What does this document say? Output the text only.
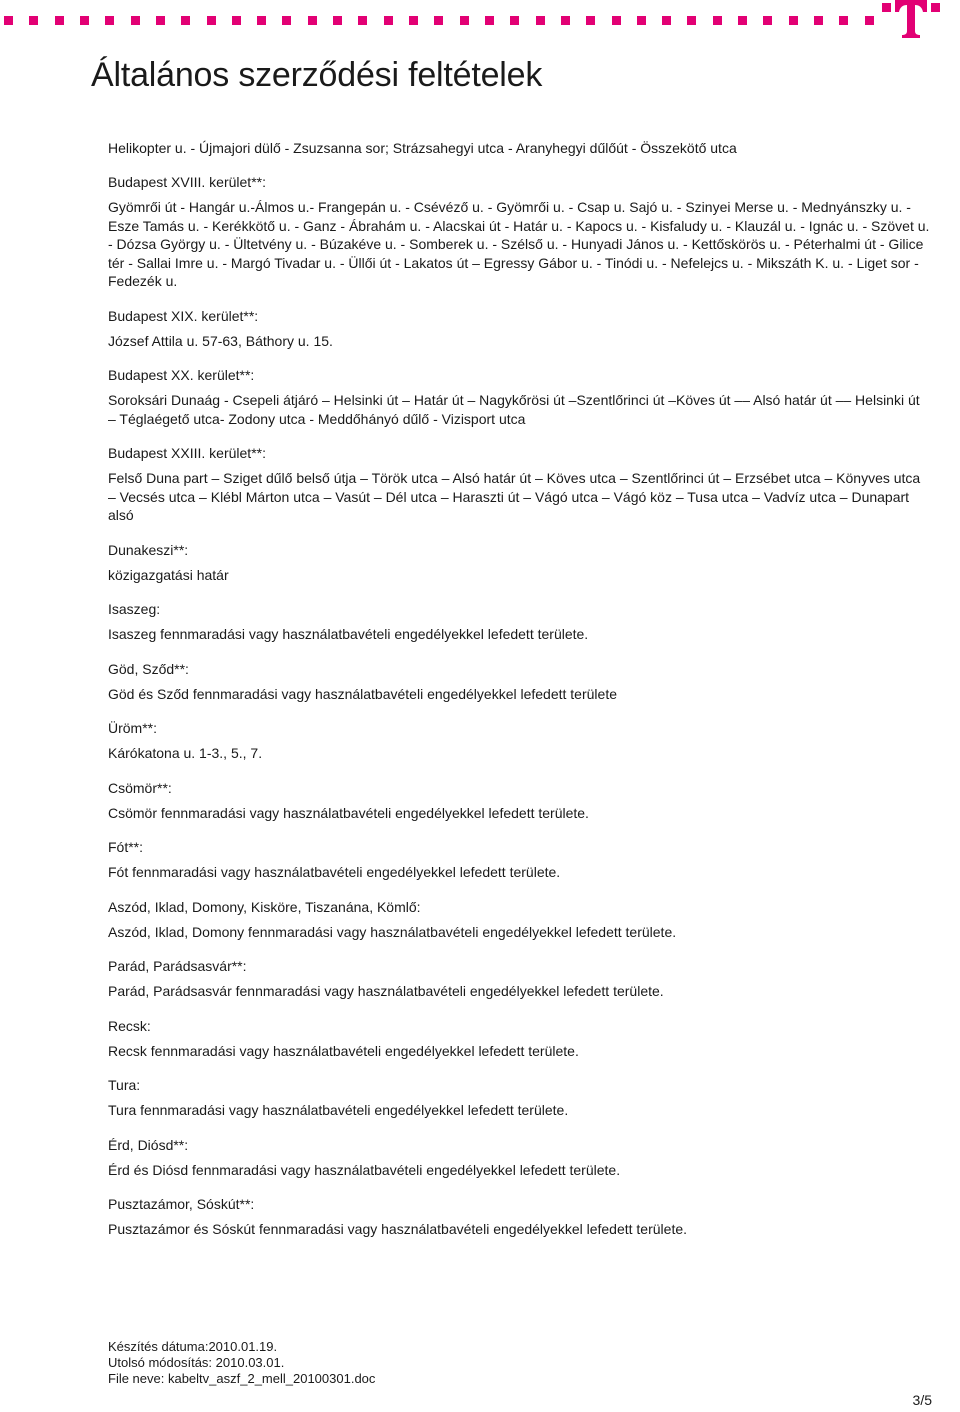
Általános szerződési feltételek

Helikopter u. - Újmajori dülő - Zsuzsanna sor; Strázsahegyi utca - Aranyhegyi dűlőút - Összekötő utca

Budapest XVIII. kerület**:

Gyömrői út - Hangár u.-Álmos u.- Frangepán u. - Csévéző u. - Gyömrői u. - Csap u. Sajó u. - Szinyei Merse u. - Mednyánszky u. - Esze Tamás u. - Kerékkötő u. - Ganz - Ábrahám u. - Alacskai út - Határ u. - Kapocs u. - Kisfaludy u. - Klauzál u. - Ignác u. - Szövet u. - Dózsa György u. - Ültetvény u. - Búzakéve u. - Somberek u. - Szélső u. - Hunyadi János u. - Kettőskörös u. - Péterhalmi út - Gilice tér - Sallai Imre u. - Margó Tivadar u. - Üllői út - Lakatos út – Egressy Gábor u. - Tinódi u. - Nefelejcs u. - Mikszáth K. u. - Liget sor - Fedezék u.

Budapest XIX. kerület**:

József Attila u. 57-63, Báthory u. 15.

Budapest XX. kerület**:

Soroksári Dunaág - Csepeli átjáró – Helsinki út – Határ út – Nagykőrösi út –Szentlőrinci út –Köves út –– Alsó határ út –– Helsinki út – Téglaégető utca- Zodony utca - Meddőhányó dűlő - Vizisport utca

Budapest XXIII. kerület**:

Felső Duna part – Sziget dűlő belső útja – Török utca – Alsó határ út – Köves utca – Szentlőrinci út – Erzsébet utca – Könyves utca – Vecsés utca – Klébl Márton utca – Vasút – Dél utca – Haraszti út – Vágó utca – Vágó köz – Tusa utca – Vadvíz utca – Dunapart alsó

Dunakeszi**:

közigazgatási határ

Isaszeg:

Isaszeg fennmaradási vagy használatbavételi engedélyekkel lefedett területe.

Göd, Sződ**:

Göd és Sződ fennmaradási vagy használatbavételi engedélyekkel lefedett területe

Üröm**:

Kárókatona u. 1-3., 5., 7.

Csömör**:

Csömör fennmaradási vagy használatbavételi engedélyekkel lefedett területe.

Fót**:

Fót fennmaradási vagy használatbavételi engedélyekkel lefedett területe.

Aszód, Iklad, Domony, Kisköre, Tiszanána, Kömlő:

Aszód, Iklad, Domony fennmaradási vagy használatbavételi engedélyekkel lefedett területe.

Parád, Parádsasvár**:

Parád, Parádsasvár fennmaradási vagy használatbavételi engedélyekkel lefedett területe.

Recsk:

Recsk fennmaradási vagy használatbavételi engedélyekkel lefedett területe.

Tura:

Tura fennmaradási vagy használatbavételi engedélyekkel lefedett területe.

Érd, Diósd**:

Érd és Diósd fennmaradási vagy használatbavételi engedélyekkel lefedett területe.

Pusztazámor, Sóskút**:

Pusztazámor és Sóskút fennmaradási vagy használatbavételi engedélyekkel lefedett területe.

Készítés dátuma:2010.01.19.
Utolsó módosítás: 2010.03.01.
File neve: kabeltv_aszf_2_mell_20100301.doc
3/5
